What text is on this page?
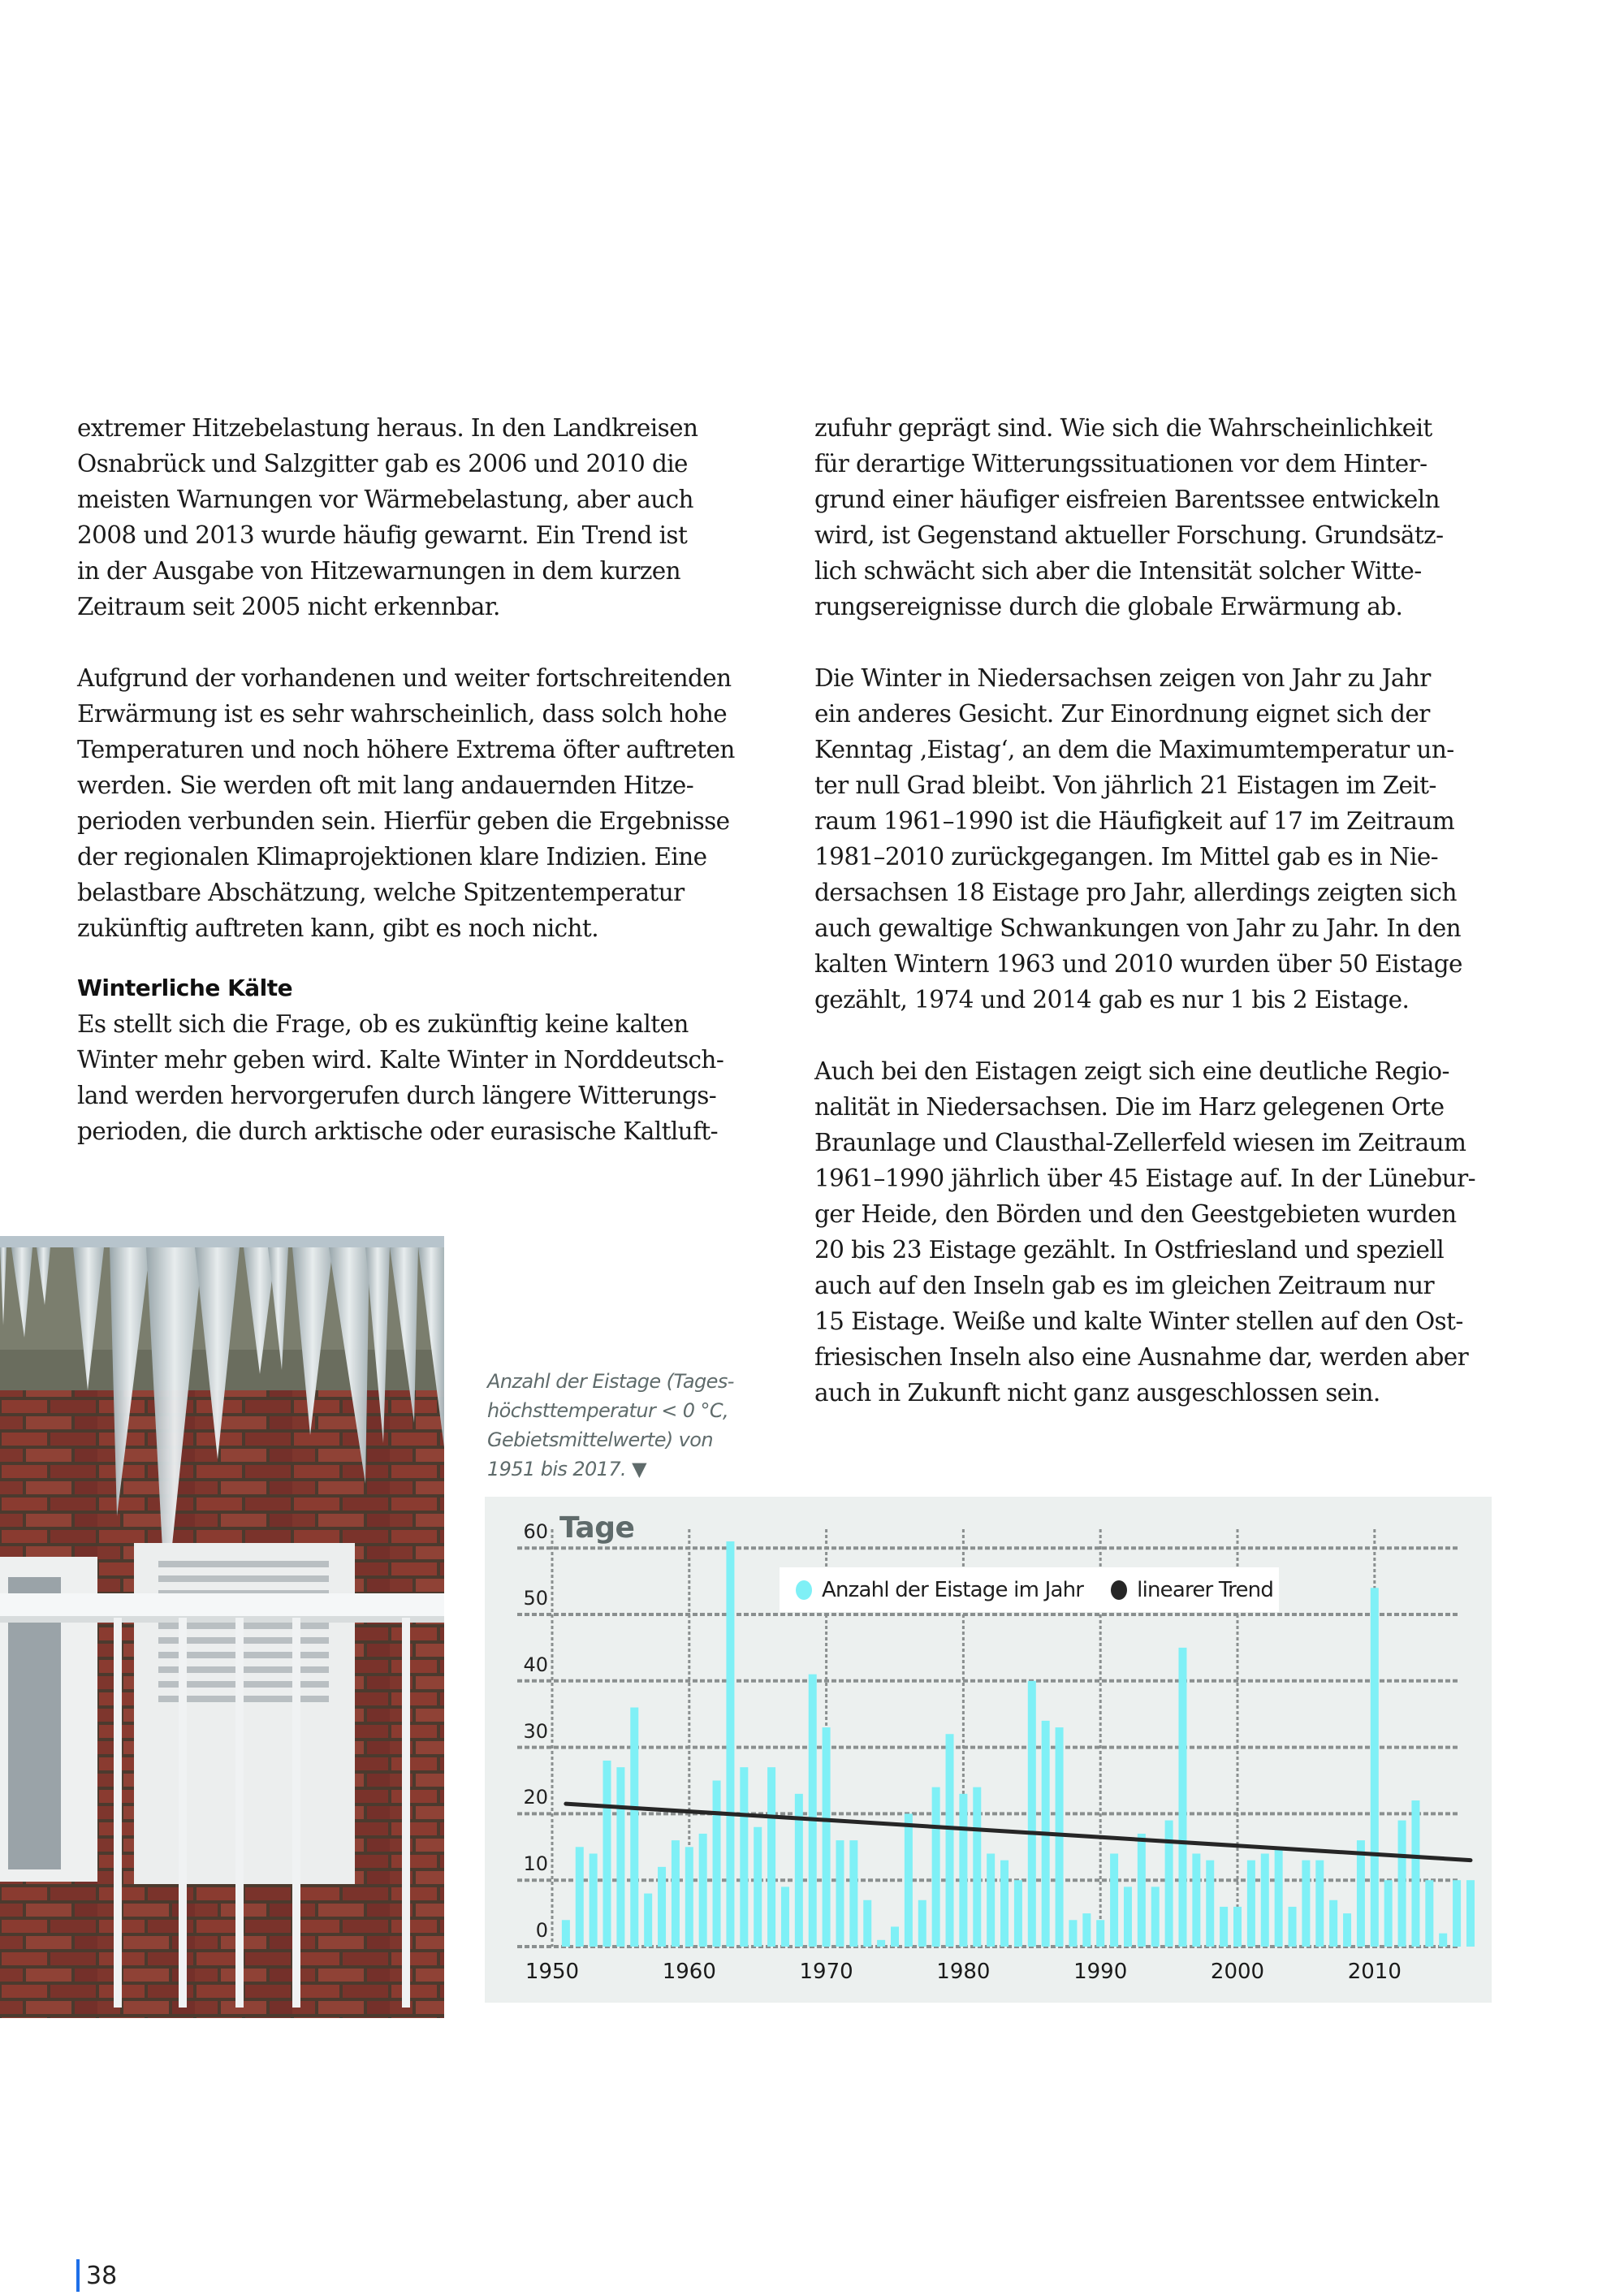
extremer Hitzebelastung heraus. In den Landkreisen
Osnabrück und Salzgitter gab es 2006 und 2010 die
meisten Warnungen vor Wärmebelastung, aber auch
2008 und 2013 wurde häufig gewarnt. Ein Trend ist
in der Ausgabe von Hitzewarnungen in dem kurzen
Zeitraum seit 2005 nicht erkennbar.
Aufgrund der vorhandenen und weiter fortschreitenden
Erwärmung ist es sehr wahrscheinlich, dass solch hohe
Temperaturen und noch höhere Extrema öfter auftreten
werden. Sie werden oft mit lang andauernden Hitze-
perioden verbunden sein. Hierfür geben die Ergebnisse
der regionalen Klimaprojektionen klare Indizien. Eine
belastbare Abschätzung, welche Spitzentemperatur
zukünftig auftreten kann, gibt es noch nicht.
Winterliche Kälte
Es stellt sich die Frage, ob es zukünftig keine kalten
Winter mehr geben wird. Kalte Winter in Norddeutsch-
land werden hervorgerufen durch längere Witterungs-
perioden, die durch arktische oder eurasische Kaltluft-
zufuhr geprägt sind. Wie sich die Wahrscheinlichkeit
für derartige Witterungssituationen vor dem Hinter-
grund einer häufiger eisfreien Barentssee entwickeln
wird, ist Gegenstand aktueller Forschung. Grundsätz-
lich schwächt sich aber die Intensität solcher Witte-
rungsereignisse durch die globale Erwärmung ab.
Die Winter in Niedersachsen zeigen von Jahr zu Jahr
ein anderes Gesicht. Zur Einordnung eignet sich der
Kenntag ‚Eistag‘, an dem die Maximumtemperatur un-
ter null Grad bleibt. Von jährlich 21 Eistagen im Zeit-
raum 1961–1990 ist die Häufigkeit auf 17 im Zeitraum
1981–2010 zurückgegangen. Im Mittel gab es in Nie-
dersachsen 18 Eistage pro Jahr, allerdings zeigten sich
auch gewaltige Schwankungen von Jahr zu Jahr. In den
kalten Wintern 1963 und 2010 wurden über 50 Eistage
gezählt, 1974 und 2014 gab es nur 1 bis 2 Eistage.
Auch bei den Eistagen zeigt sich eine deutliche Regio-
nalität in Niedersachsen. Die im Harz gelegenen Orte
Braunlage und Clausthal-Zellerfeld wiesen im Zeitraum
1961–1990 jährlich über 45 Eistage auf. In der Lünebur-
ger Heide, den Börden und den Geestgebieten wurden
20 bis 23 Eistage gezählt. In Ostfriesland und speziell
auch auf den Inseln gab es im gleichen Zeitraum nur
15 Eistage. Weiße und kalte Winter stellen auf den Ost-
friesischen Inseln also eine Ausnahme dar, werden aber
auch in Zukunft nicht ganz ausgeschlossen sein.
Anzahl der Eistage (Tages-
höchsttemperatur < 0 °C,
Gebietsmittelwerte) von
1951 bis 2017. ▼
Tage
Anzahl der Eistage im Jahr	linearer Trend
0
10
20
30
40
50
60
1950	1960	1970	1980	1990	2000	2010
38
